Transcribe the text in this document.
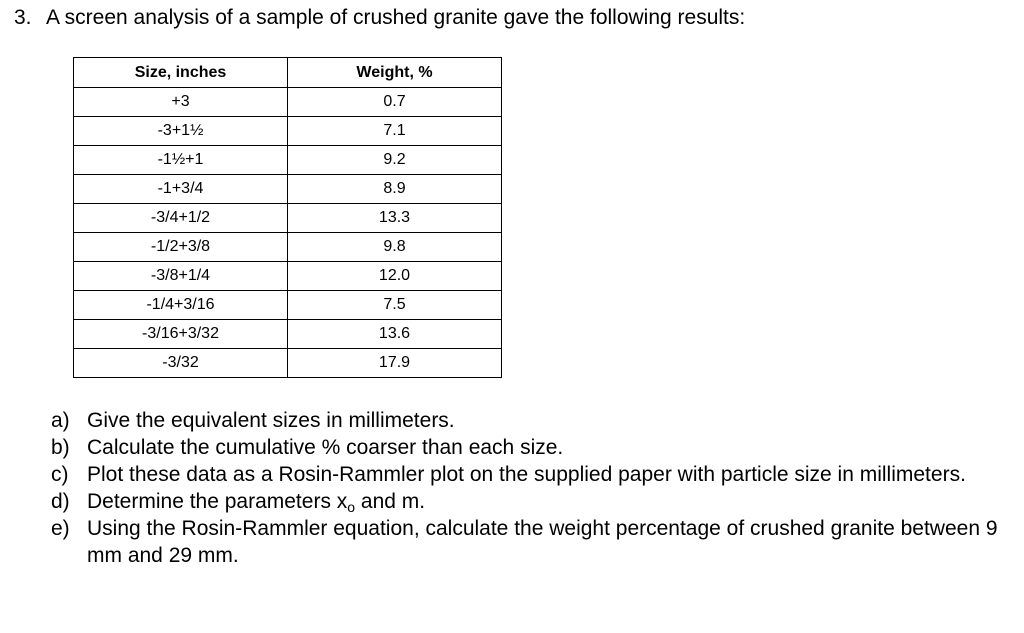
3. A screen analysis of a sample of crushed granite gave the following results:
Size, inches	Weight, %
+3	0.7
-3+1½	7.1
-1½+1	9.2
-1+3/4	8.9
-3/4+1/2	13.3
-1/2+3/8	9.8
-3/8+1/4	12.0
-1/4+3/16	7.5
-3/16+3/32	13.6
-3/32	17.9
a) Give the equivalent sizes in millimeters.
b) Calculate the cumulative % coarser than each size.
c) Plot these data as a Rosin-Rammler plot on the supplied paper with particle size in millimeters.
d) Determine the parameters $x_o$ and m.
e) Using the Rosin-Rammler equation, calculate the weight percentage of crushed granite between 9 mm and 29 mm.
